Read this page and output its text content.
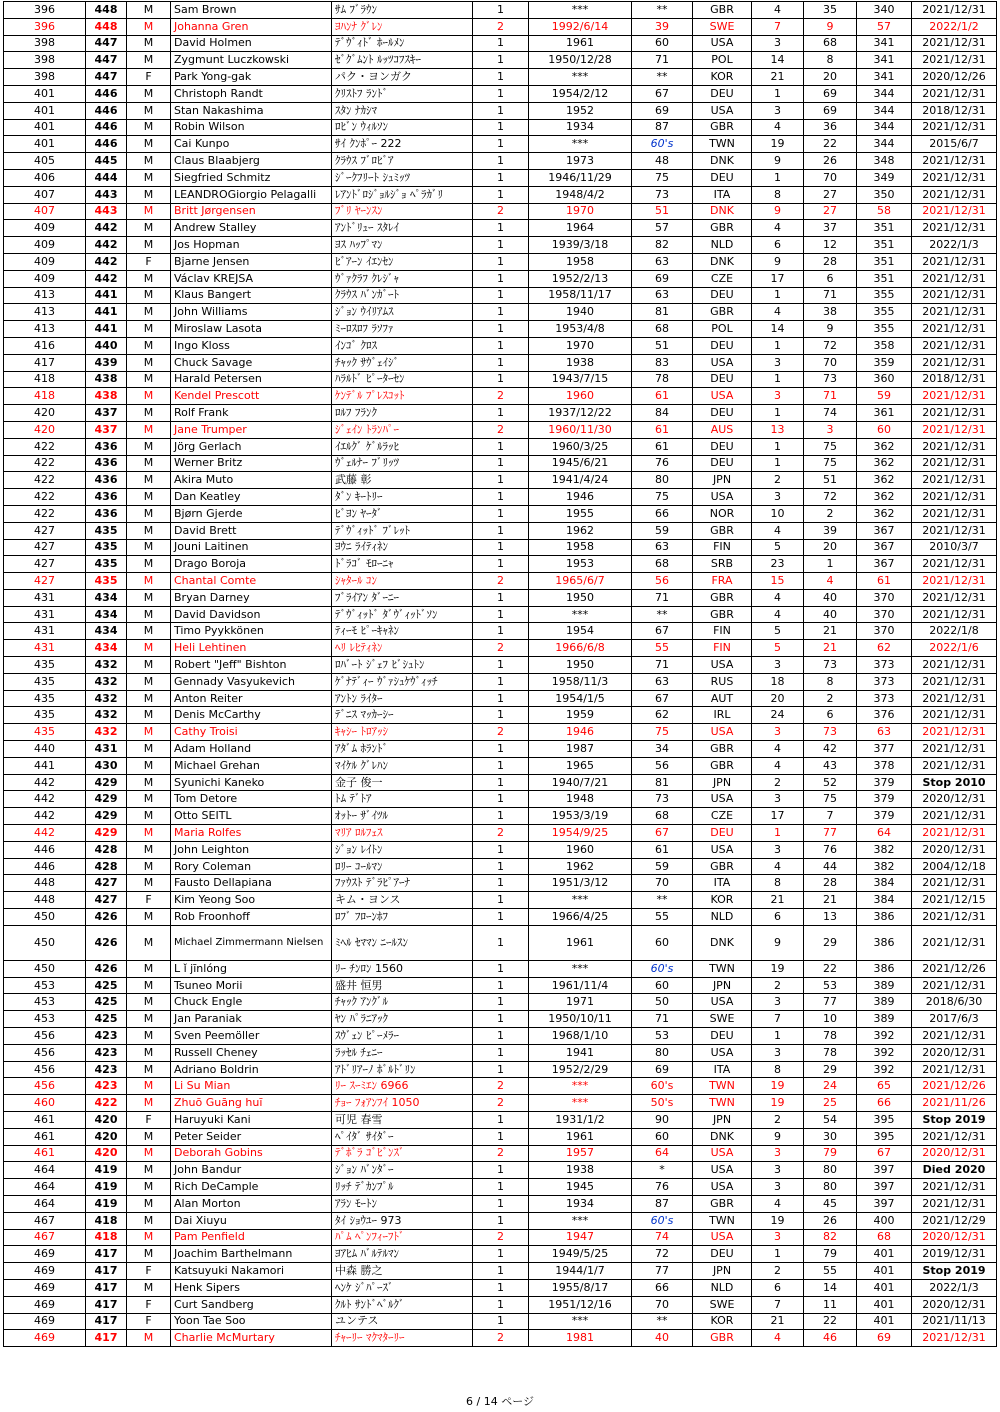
396	448	M	Sam Brown	ｻﾑ ﾌﾞﾗｳﾝ	1	***	**	GBR	4	35	340	2021/12/31
396	448	M	Johanna Gren	ﾖﾊﾝﾅ ｸﾞﾚﾝ	2	1992/6/14	39	SWE	7	9	57	2022/1/2
398	447	M	David Holmen	ﾃﾞｳﾞｨﾄﾞ ﾎｰﾙﾒﾝ	1	1961	60	USA	3	68	341	2021/12/31
398	447	M	Zygmunt Luczkowski	ｾﾞｸﾞﾑﾝﾄ ﾙｯﾂｺﾌｽｷｰ	1	1950/12/28	71	POL	14	8	341	2021/12/31
398	447	F	Park Yong-gak	パク・ヨンガク	1	***	**	KOR	21	20	341	2020/12/26
401	446	M	Christoph Randt	ｸﾘｽﾄﾌ ﾗﾝﾄﾞ	1	1954/2/12	67	DEU	1	69	344	2021/12/31
401	446	M	Stan Nakashima	ｽﾀﾝ ﾅｶｼﾏ	1	1952	69	USA	3	69	344	2018/12/31
401	446	M	Robin Wilson	ﾛﾋﾞﾝ ｳｨﾙｿﾝ	1	1934	87	GBR	4	36	344	2021/12/31
401	446	M	Cai Kunpo	ｻｲ ｸﾝﾎﾟｰ 222	1	***	60's	TWN	19	22	344	2015/6/7
405	445	M	Claus Blaabjerg	ｸﾗｳｽ ﾌﾞﾛﾋﾞｱ	1	1973	48	DNK	9	26	348	2021/12/31
406	444	M	Siegfried Schmitz	ｼﾞｰｸﾌﾘｰﾄ ｼｭﾐｯﾂ	1	1946/11/29	75	DEU	1	70	349	2021/12/31
407	443	M	LEANDROGiorgio Pelagalli	ﾚｱﾝﾄﾞﾛｼﾞｮﾙｼﾞｮ ﾍﾟﾗｶﾞﾘ	1	1948/4/2	73	ITA	8	27	350	2021/12/31
407	443	M	Britt Jørgensen	ﾌﾞﾘ ﾔｰﾝｽﾝ	2	1970	51	DNK	9	27	58	2021/12/31
409	442	M	Andrew Stalley	ｱﾝﾄﾞﾘｭｰ ｽﾀﾚｲ	1	1964	57	GBR	4	37	351	2021/12/31
409	442	M	Jos Hopman	ﾖｽ ﾊｯﾌﾟﾏﾝ	1	1939/3/18	82	NLD	6	12	351	2022/1/3
409	442	F	Bjarne Jensen	ﾋﾞｱｰﾝ ｲｴﾝｾﾝ	1	1958	63	DNK	9	28	351	2021/12/31
409	442	M	Václav KREJSA	ｳﾞｧｸﾗﾌ ｸﾚｼﾞｬ	1	1952/2/13	69	CZE	17	6	351	2021/12/31
413	441	M	Klaus Bangert	ｸﾗｳｽ ﾊﾞﾝｶﾞｰﾄ	1	1958/11/17	63	DEU	1	71	355	2021/12/31
413	441	M	John Williams	ｼﾞｮﾝ ｳｲﾘｱﾑｽ	1	1940	81	GBR	4	38	355	2021/12/31
413	441	M	Miroslaw Lasota	ﾐｰﾛｽﾛﾌ ﾗｿﾌｧ	1	1953/4/8	68	POL	14	9	355	2021/12/31
416	440	M	Ingo Kloss	ｲﾝｺﾞ ｸﾛｽ	1	1970	51	DEU	1	72	358	2021/12/31
417	439	M	Chuck Savage	ﾁｬｯｸ ｻｳﾞｪｲｼﾞ	1	1938	83	USA	3	70	359	2021/12/31
418	438	M	Harald Petersen	ﾊﾗﾙﾄﾞ ﾋﾟｰﾀｰｾﾝ	1	1943/7/15	78	DEU	1	73	360	2018/12/31
418	438	M	Kendel Prescott	ｹﾝﾃﾞﾙ ﾌﾟﾚｽｺｯﾄ	2	1960	61	USA	3	71	59	2021/12/31
420	437	M	Rolf Frank	ﾛﾙﾌ ﾌﾗﾝｸ	1	1937/12/22	84	DEU	1	74	361	2021/12/31
420	437	M	Jane Trumper	ｼﾞｪｲﾝ ﾄﾗﾝﾊﾟｰ	2	1960/11/30	61	AUS	13	3	60	2021/12/31
422	436	M	Jörg Gerlach	ｲｴﾙｸﾞ ｹﾞﾙﾗｯﾋ	1	1960/3/25	61	DEU	1	75	362	2021/12/31
422	436	M	Werner Britz	ｳﾞｪﾙﾅｰ ﾌﾞﾘｯﾂ	1	1945/6/21	76	DEU	1	75	362	2021/12/31
422	436	M	Akira Muto	武藤 彰	1	1941/4/24	80	JPN	2	51	362	2021/12/31
422	436	M	Dan Keatley	ﾀﾞﾝ ｷｰﾄﾘｰ	1	1946	75	USA	3	72	362	2021/12/31
422	436	M	Bjørn Gjerde	ﾋﾞﾖﾝ ﾔｰﾀﾞ	1	1955	66	NOR	10	2	362	2021/12/31
427	435	M	David Brett	ﾃﾞｳﾞｨｯﾄﾞ ﾌﾞﾚｯﾄ	1	1962	59	GBR	4	39	367	2021/12/31
427	435	M	Jouni Laitinen	ﾖｳﾆ ﾗｲﾃｨﾈﾝ	1	1958	63	FIN	5	20	367	2010/3/7
427	435	M	Drago Boroja	ﾄﾞﾗｺﾞ ﾓﾛｰﾆｬ	1	1953	68	SRB	23	1	367	2021/12/31
427	435	M	Chantal Comte	ｼｬﾀｰﾙ ｺﾝ	2	1965/6/7	56	FRA	15	4	61	2021/12/31
431	434	M	Bryan Darney	ﾌﾞﾗｲｱﾝ ﾀﾞｰﾆｰ	1	1950	71	GBR	4	40	370	2021/12/31
431	434	M	David Davidson	ﾃﾞｳﾞｨｯﾄﾞ ﾀﾞｳﾞｨｯﾄﾞｿﾝ	1	***	**	GBR	4	40	370	2021/12/31
431	434	M	Timo Pyykkönen	ﾃｨｰﾓ ﾋﾟｰｷｬﾈﾝ	1	1954	67	FIN	5	21	370	2022/1/8
431	434	M	Heli Lehtinen	ﾍﾘ ﾚﾋﾃｨﾈﾝ	2	1966/6/8	55	FIN	5	21	62	2022/1/6
435	432	M	Robert "Jeff" Bishton	ﾛﾊﾞｰﾄ ｼﾞｪﾌ ﾋﾞｼｭﾄﾝ	1	1950	71	USA	3	73	373	2021/12/31
435	432	M	Gennady Vasyukevich	ｹﾞﾅﾃﾞｨｰ ｳﾞｧｼｭｹｳﾞｨｯﾁ	1	1958/11/3	63	RUS	18	8	373	2021/12/31
435	432	M	Anton Reiter	ｱﾝﾄﾝ ﾗｲﾀｰ	1	1954/1/5	67	AUT	20	2	373	2021/12/31
435	432	M	Denis McCarthy	ﾃﾞﾆｽ ﾏｯｶｰｼｰ	1	1959	62	IRL	24	6	376	2021/12/31
435	432	M	Cathy Troisi	ｷｬｼｰ ﾄﾛｱｯｼ	2	1946	75	USA	3	73	63	2021/12/31
440	431	M	Adam Holland	ｱﾀﾞﾑ ﾎﾗﾝﾄﾞ	1	1987	34	GBR	4	42	377	2021/12/31
441	430	M	Michael Grehan	ﾏｲｹﾙ ｸﾞﾚﾊﾝ	1	1965	56	GBR	4	43	378	2021/12/31
442	429	M	Syunichi Kaneko	金子 俊一	1	1940/7/21	81	JPN	2	52	379	Stop 2010
442	429	M	Tom Detore	ﾄﾑ ﾃﾞﾄｱ	1	1948	73	USA	3	75	379	2020/12/31
442	429	M	Otto SEITL	ｵｯﾄｰ ｻﾞｲﾂﾙ	1	1953/3/19	68	CZE	17	7	379	2021/12/31
442	429	M	Maria Rolfes	ﾏﾘｱ ﾛﾙﾌｪｽ	2	1954/9/25	67	DEU	1	77	64	2021/12/31
446	428	M	John Leighton	ｼﾞｮﾝ ﾚｲﾄﾝ	1	1960	61	USA	3	76	382	2020/12/31
446	428	M	Rory Coleman	ﾛﾘｰ ｺｰﾙﾏﾝ	1	1962	59	GBR	4	44	382	2004/12/18
448	427	M	Fausto Dellapiana	ﾌｧｳｽﾄ ﾃﾞﾗﾋﾟｱｰﾅ	1	1951/3/12	70	ITA	8	28	384	2021/12/31
448	427	F	Kim Yeong Soo	キム・ヨンス	1	***	**	KOR	21	21	384	2021/12/15
450	426	M	Rob Froonhoff	ﾛﾌﾞ ﾌﾛｰﾝﾎﾌ	1	1966/4/25	55	NLD	6	13	386	2021/12/31
450	426	M	Michael Zimmermann Nielsen	ﾐﾍﾙ ｾﾏﾏﾝ ﾆｰﾙｽﾝ	1	1961	60	DNK	9	29	386	2021/12/31
450	426	M	L ǐ jīnlóng	ﾘｰ ﾁﾝﾛﾝ 1560	1	***	60's	TWN	19	22	386	2021/12/26
453	425	M	Tsuneo Morii	盛井 恒男	1	1961/11/4	60	JPN	2	53	389	2021/12/31
453	425	M	Chuck Engle	ﾁｬｯｸ ｱﾝｸﾞﾙ	1	1971	50	USA	3	77	389	2018/6/30
453	425	M	Jan Paraniak	ﾔﾝ ﾊﾟﾗﾆｱｯｸ	1	1950/10/11	71	SWE	7	10	389	2017/6/3
456	423	M	Sven Peemöller	ｽｳﾞｪﾝ ﾋﾟｰﾒﾗｰ	1	1968/1/10	53	DEU	1	78	392	2021/12/31
456	423	M	Russell Cheney	ﾗｯｾﾙ ﾁｪﾆｰ	1	1941	80	USA	3	78	392	2020/12/31
456	423	M	Adriano Boldrin	ｱﾄﾞﾘｱｰﾉ ﾎﾞﾙﾄﾞﾘﾝ	1	1952/2/29	69	ITA	8	29	392	2021/12/31
456	423	M	Li Su Mian	ﾘｰ ｽｰﾐｴﾝ 6966	2	***	60's	TWN	19	24	65	2021/12/26
460	422	M	Zhuō Guāng huī	ﾁｮｰ ﾌｫｱﾝﾌｲ 1050	2	***	50's	TWN	19	25	66	2021/11/26
461	420	F	Haruyuki Kani	可児 春雪	1	1931/1/2	90	JPN	2	54	395	Stop 2019
461	420	M	Peter Seider	ﾍﾟｲﾀﾞ ｻｲﾀﾞｰ	1	1961	60	DNK	9	30	395	2021/12/31
461	420	M	Deborah Gobins	ﾃﾞﾎﾞﾗ ｺﾞﾋﾞﾝｽﾞ	2	1957	64	USA	3	79	67	2020/12/31
464	419	M	John Bandur	ｼﾞｮﾝ ﾊﾞﾝﾀﾞｰ	1	1938	*	USA	3	80	397	Died 2020
464	419	M	Rich DeCample	ﾘｯﾁ ﾃﾞｶﾝﾌﾟﾙ	1	1945	76	USA	3	80	397	2021/12/31
464	419	M	Alan Morton	ｱﾗﾝ ﾓｰﾄﾝ	1	1934	87	GBR	4	45	397	2021/12/31
467	418	M	Dai Xiuyu	ﾀｲ ｼｮｳﾕｰ 973	1	***	60's	TWN	19	26	400	2021/12/29
467	418	M	Pam Penfield	ﾊﾟﾑ ﾍﾟﾝﾌｨｰﾌﾄﾞ	2	1947	74	USA	3	82	68	2020/12/31
469	417	M	Joachim Barthelmann	ﾖｱﾋﾑ ﾊﾞﾙﾃﾙﾏﾝ	1	1949/5/25	72	DEU	1	79	401	2019/12/31
469	417	F	Katsuyuki Nakamori	中森 勝之	1	1944/1/7	77	JPN	2	55	401	Stop 2019
469	417	M	Henk Sipers	ﾍﾝｹ ｼﾞﾊﾟｰｽﾞ	1	1955/8/17	66	NLD	6	14	401	2022/1/3
469	417	F	Curt Sandberg	ｸﾙﾄ ｻﾝﾄﾞﾍﾞﾙｸﾞ	1	1951/12/16	70	SWE	7	11	401	2020/12/31
469	417	F	Yoon Tae Soo	ユンテス	1	***	**	KOR	21	22	401	2021/11/13
469	417	M	Charlie McMurtary	ﾁｬｰﾘｰ ﾏｸﾏﾀｰﾘｰ	2	1981	40	GBR	4	46	69	2021/12/31
6 / 14 ページ
